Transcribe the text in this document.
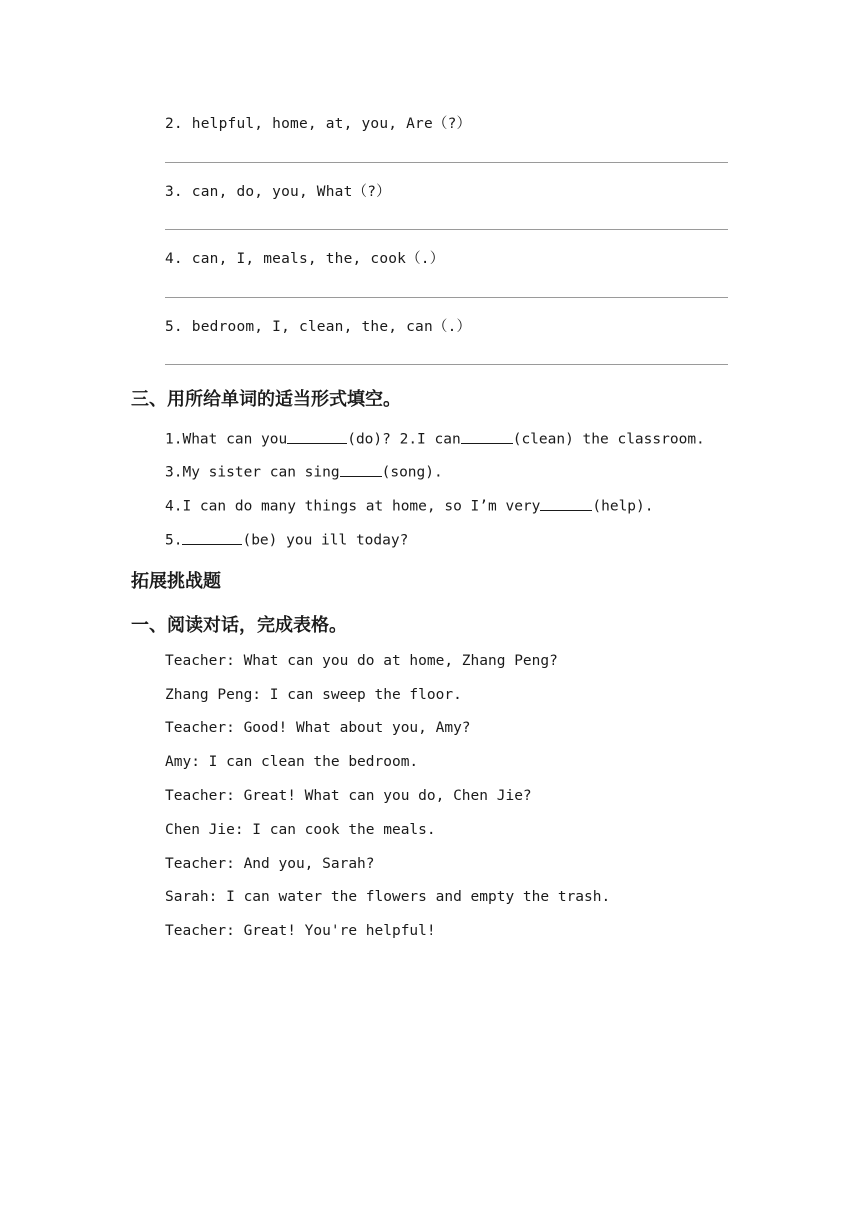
2. helpful, home, at, you, Are（?）
3. can, do, you, What（?）
4. can, I, meals, the, cook（.）
5. bedroom, I, clean, the, can（.）
三、用所给单词的适当形式填空。
1.What can you	(do)? 2.I can	(clean) the classroom.
3.My sister can sing	(song).
4.I can do many things at home, so I’m very	(help).
5.	(be) you ill today?
拓展挑战题
一、阅读对话，完成表格。
Teacher: What can you do at home, Zhang Peng?
Zhang Peng: I can sweep the floor.
Teacher: Good! What about you, Amy?
Amy: I can clean the bedroom.
Teacher: Great! What can you do, Chen Jie?
Chen Jie: I can cook the meals.
Teacher: And you, Sarah?
Sarah: I can water the flowers and empty the trash.
Teacher: Great! You're helpful!
